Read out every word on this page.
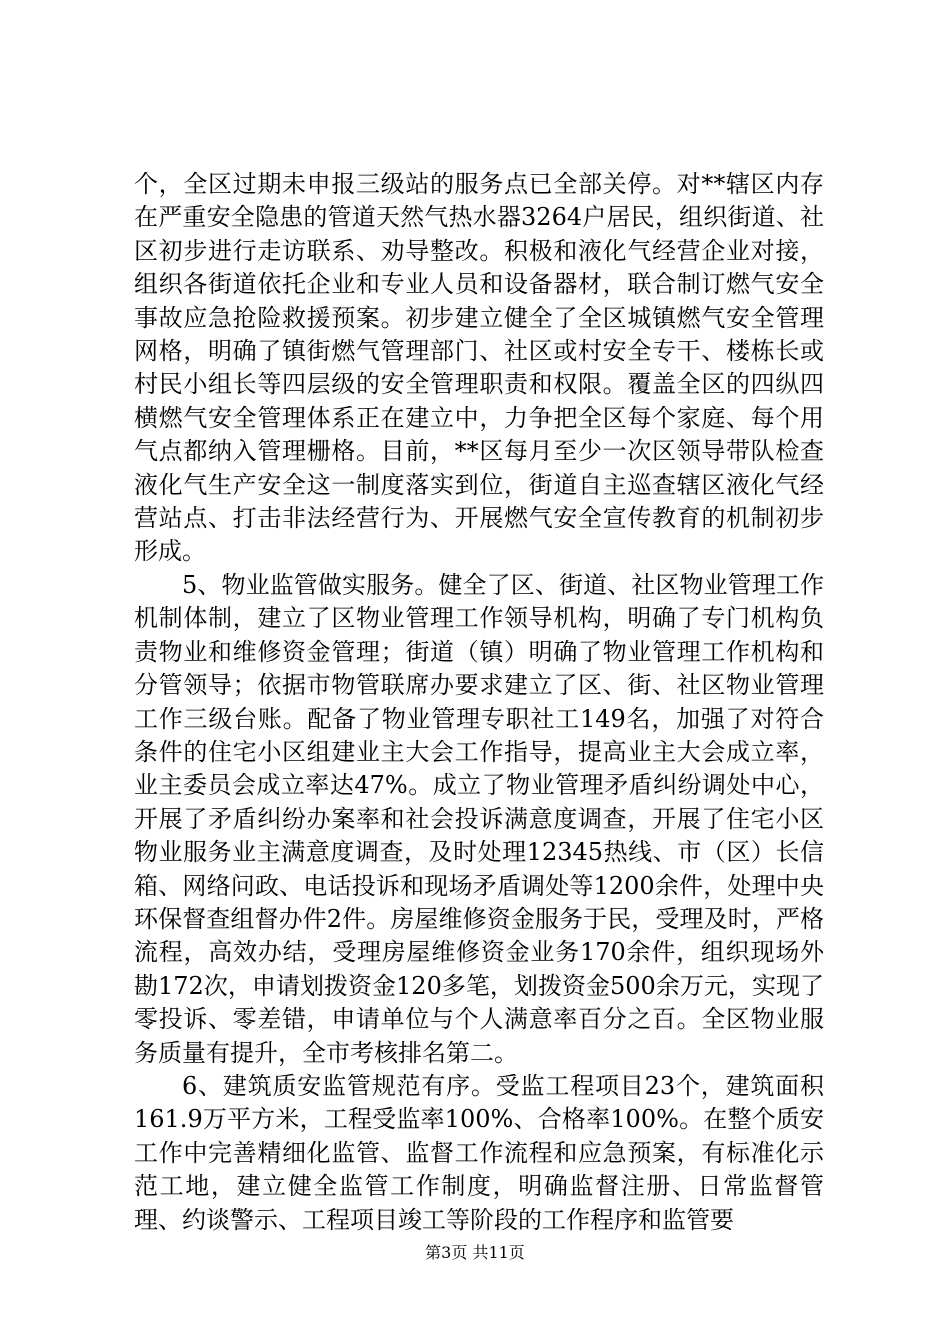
个，全区过期未申报三级站的服务点已全部关停。对**辖区内存在严重安全隐患的管道天然气热水器3264户居民，组织街道、社区初步进行走访联系、劝导整改。积极和液化气经营企业对接，组织各街道依托企业和专业人员和设备器材，联合制订燃气安全事故应急抢险救援预案。初步建立健全了全区城镇燃气安全管理网格，明确了镇街燃气管理部门、社区或村安全专干、楼栋长或村民小组长等四层级的安全管理职责和权限。覆盖全区的四纵四横燃气安全管理体系正在建立中，力争把全区每个家庭、每个用气点都纳入管理栅格。目前，**区每月至少一次区领导带队检查液化气生产安全这一制度落实到位，街道自主巡查辖区液化气经营站点、打击非法经营行为、开展燃气安全宣传教育的机制初步形成。

5、物业监管做实服务。健全了区、街道、社区物业管理工作机制体制，建立了区物业管理工作领导机构，明确了专门机构负责物业和维修资金管理；街道（镇）明确了物业管理工作机构和分管领导；依据市物管联席办要求建立了区、街、社区物业管理工作三级台账。配备了物业管理专职社工149名，加强了对符合条件的住宅小区组建业主大会工作指导，提高业主大会成立率，业主委员会成立率达47%。成立了物业管理矛盾纠纷调处中心，开展了矛盾纠纷办案率和社会投诉满意度调查，开展了住宅小区物业服务业主满意度调查，及时处理12345热线、市（区）长信箱、网络问政、电话投诉和现场矛盾调处等1200余件，处理中央环保督查组督办件2件。房屋维修资金服务于民，受理及时，严格流程，高效办结，受理房屋维修资金业务170余件，组织现场外勘172次，申请划拨资金120多笔，划拨资金500余万元，实现了零投诉、零差错，申请单位与个人满意率百分之百。全区物业服务质量有提升，全市考核排名第二。

6、建筑质安监管规范有序。受监工程项目23个，建筑面积161.9万平方米，工程受监率100%、合格率100%。在整个质安工作中完善精细化监管、监督工作流程和应急预案，有标准化示范工地，建立健全监管工作制度，明确监督注册、日常监督管理、约谈警示、工程项目竣工等阶段的工作程序和监管要

第3页 共11页
